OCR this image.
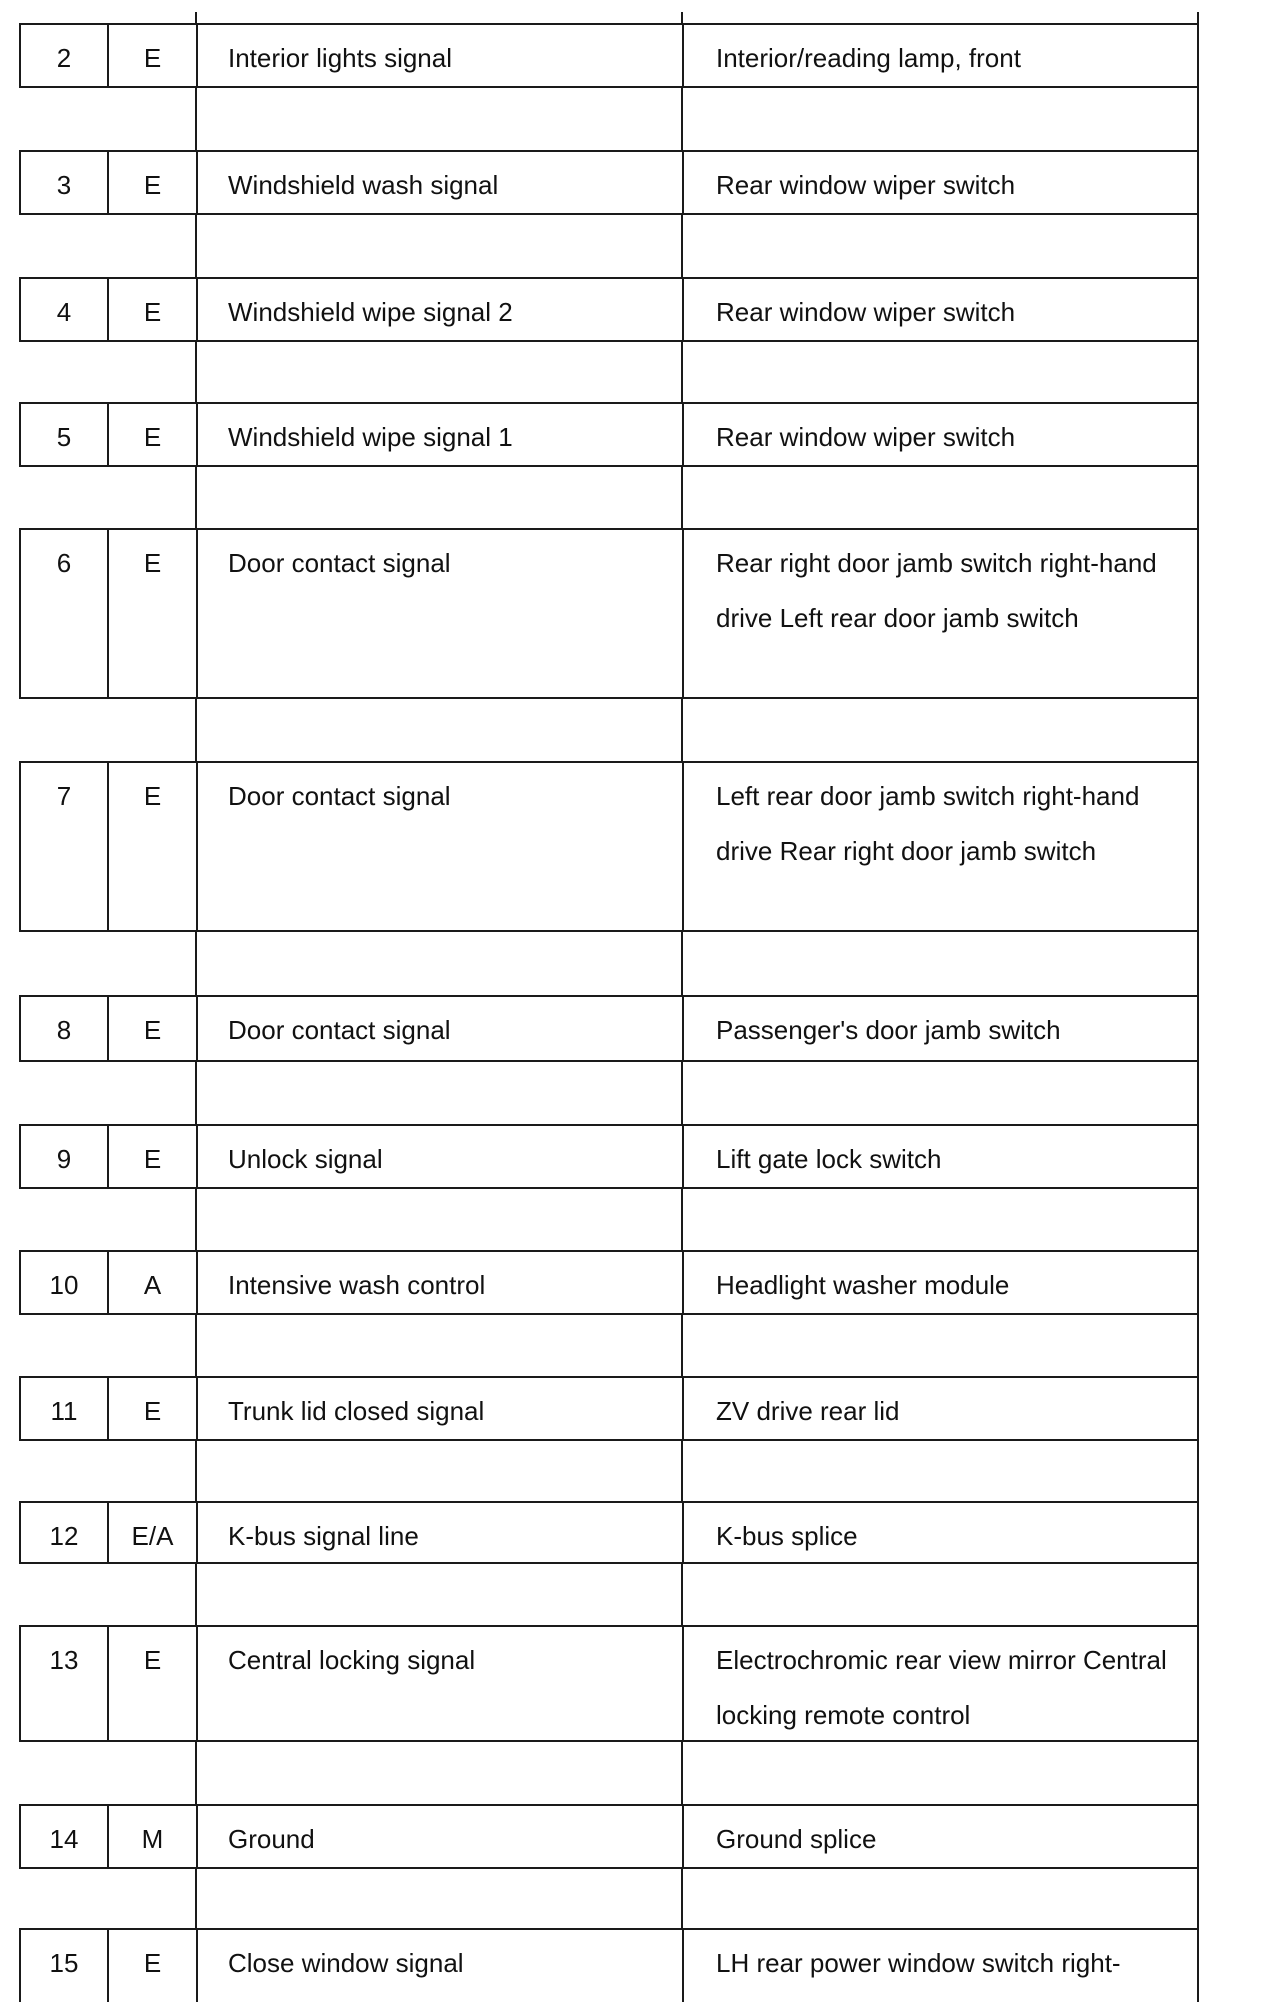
2	E	Interior lights signal	Interior/reading lamp, front
3	E	Windshield wash signal	Rear window wiper switch
4	E	Windshield wipe signal 2	Rear window wiper switch
5	E	Windshield wipe signal 1	Rear window wiper switch
6	E	Door contact signal	Rear right door jamb switch right-hand drive Left rear door jamb switch
7	E	Door contact signal	Left rear door jamb switch right-hand drive Rear right door jamb switch
8	E	Door contact signal	Passenger's door jamb switch
9	E	Unlock signal	Lift gate lock switch
10	A	Intensive wash control	Headlight washer module
11	E	Trunk lid closed signal	ZV drive rear lid
12	E/A	K-bus signal line	K-bus splice
13	E	Central locking signal	Electrochromic rear view mirror Central locking remote control
14	M	Ground	Ground splice
15	E	Close window signal	LH rear power window switch right-
